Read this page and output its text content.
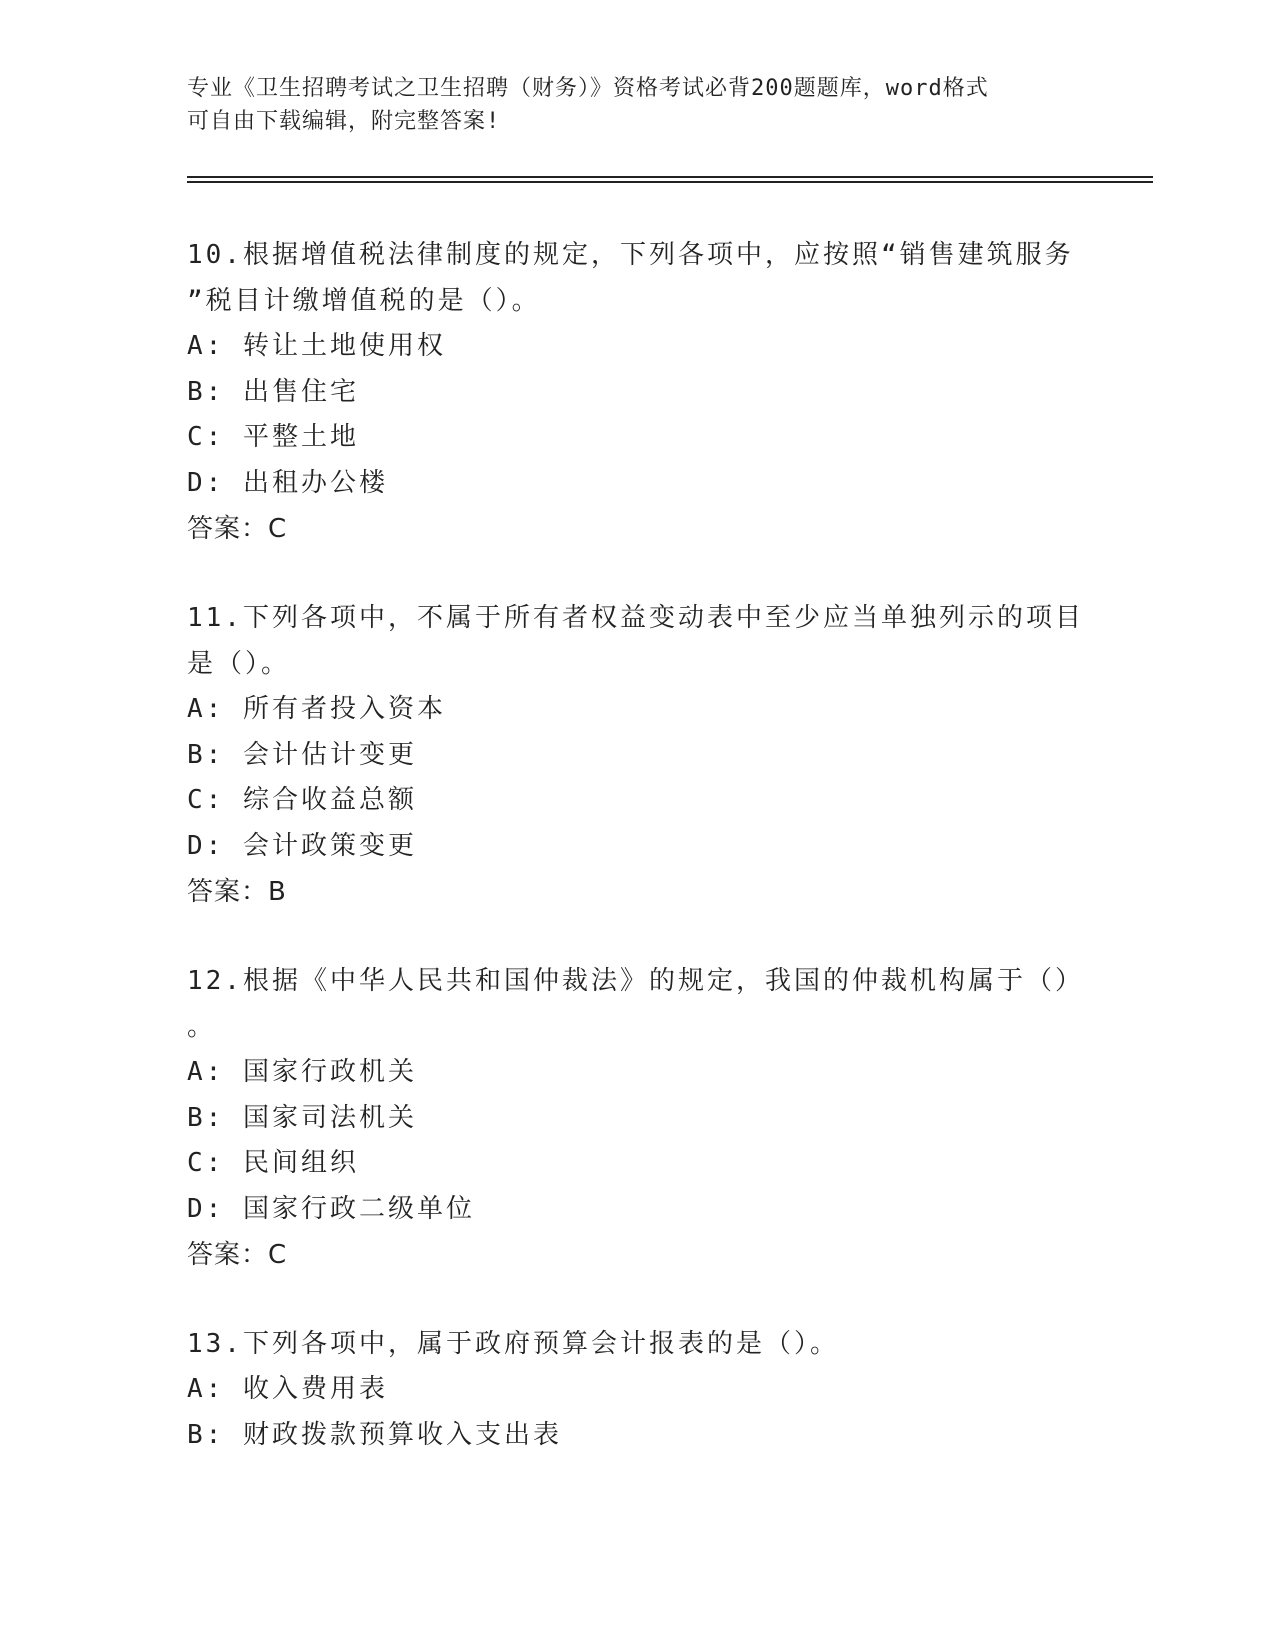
专业《卫生招聘考试之卫生招聘（财务）》资格考试必背200题题库，word格式

可自由下载编辑，附完整答案!

10.根据增值税法律制度的规定，下列各项中，应按照“销售建筑服务

”税目计缴增值税的是（）。

A: 转让土地使用权

B: 出售住宅

C: 平整土地

D: 出租办公楼

答案：C

11.下列各项中，不属于所有者权益变动表中至少应当单独列示的项目

是（）。

A: 所有者投入资本

B: 会计估计变更

C: 综合收益总额

D: 会计政策变更

答案：B

12.根据《中华人民共和国仲裁法》的规定，我国的仲裁机构属于（）

。

A: 国家行政机关

B: 国家司法机关

C: 民间组织

D: 国家行政二级单位

答案：C

13.下列各项中，属于政府预算会计报表的是（）。

A: 收入费用表

B: 财政拨款预算收入支出表
